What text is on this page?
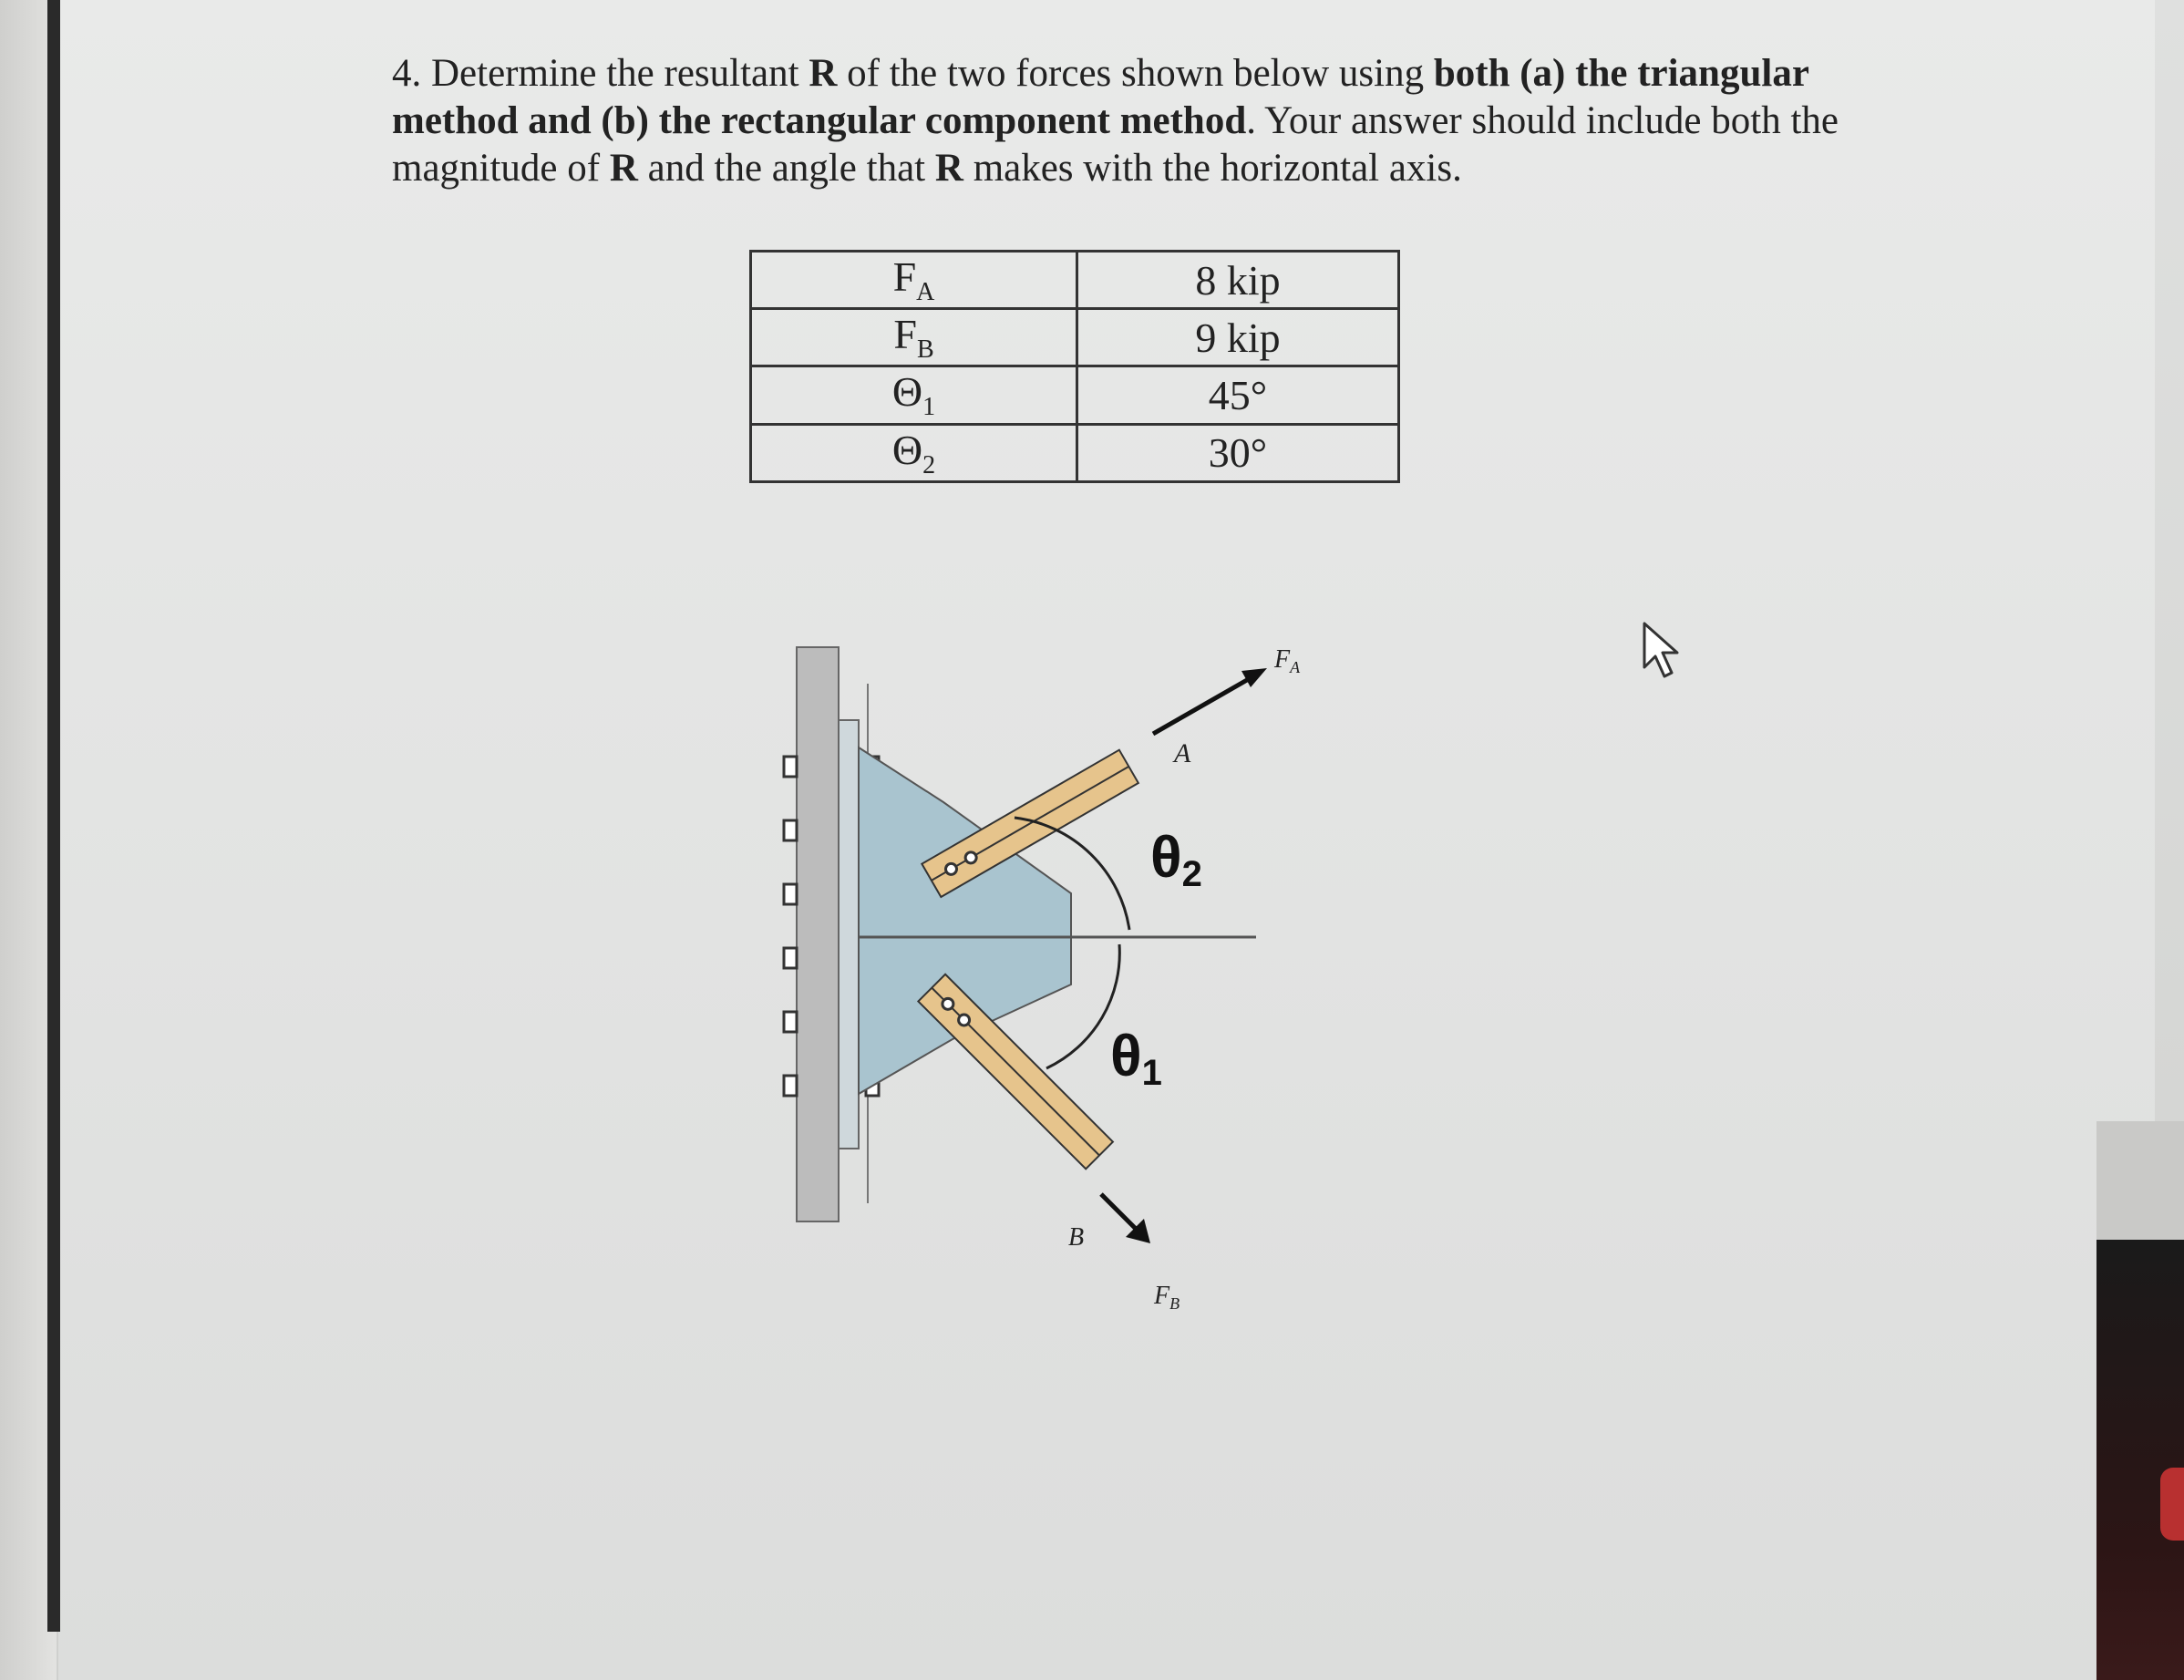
4. Determine the resultant R of the two forces shown below using both (a) the triangular method and (b) the rectangular component method. Your answer should include both the magnitude of R and the angle that R makes with the horizontal axis.
$F_A$	8 kip
$F_B$	9 kip
$\Theta_1$	45°
$\Theta_2$	30°
$F_A$
A
θ2
θ1
B
$F_B$
